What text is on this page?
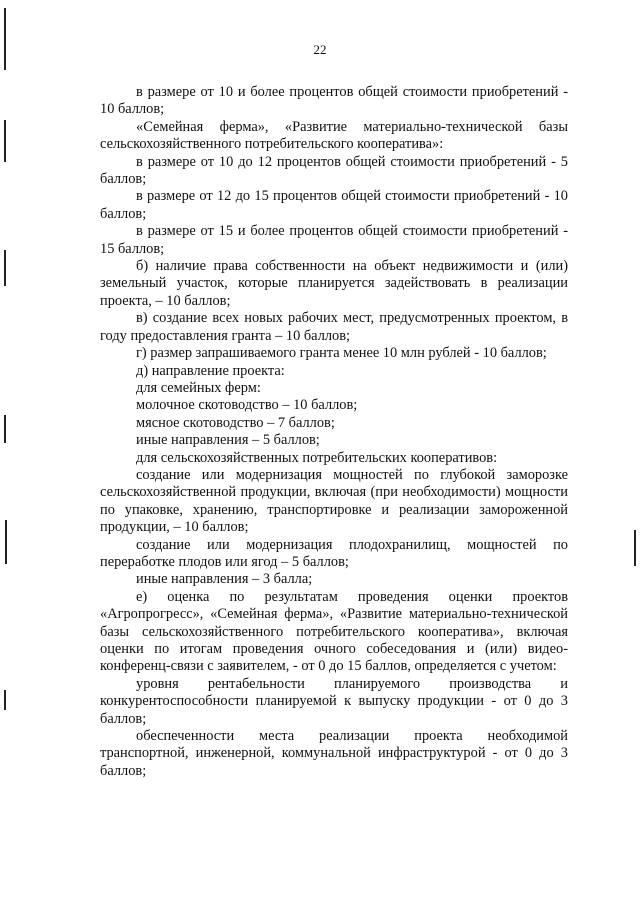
22

в размере от 10 и более процентов общей стоимости приобретений - 10 баллов;

«Семейная ферма», «Развитие материально-технической базы сельскохозяйственного потребительского кооператива»:

в размере от 10 до 12 процентов общей стоимости приобретений - 5 баллов;

в размере от 12 до 15 процентов общей стоимости приобретений - 10 баллов;

в размере от 15 и более процентов общей стоимости приобретений - 15 баллов;

б) наличие права собственности на объект недвижимости и (или) земельный участок, которые планируется задействовать в реализации проекта, – 10 баллов;

в) создание всех новых рабочих мест, предусмотренных проектом, в году предоставления гранта – 10 баллов;

г) размер запрашиваемого гранта менее 10 млн рублей - 10 баллов;

д) направление проекта:

для семейных ферм:

молочное скотоводство – 10 баллов;

мясное скотоводство – 7 баллов;

иные направления – 5 баллов;

для сельскохозяйственных потребительских кооперативов:

создание или модернизация мощностей по глубокой заморозке сельскохозяйственной продукции, включая (при необходимости) мощности по упаковке, хранению, транспортировке и реализации замороженной продукции, – 10 баллов;

создание или модернизация плодохранилищ, мощностей по переработке плодов или ягод – 5 баллов;

иные направления – 3 балла;

е) оценка по результатам проведения оценки проектов «Агропрогресс», «Семейная ферма», «Развитие материально-технической базы сельскохозяйственного потребительского кооператива», включая оценки по итогам проведения очного собеседования и (или) видео-конференц-связи с заявителем, - от 0 до 15 баллов, определяется с учетом:

уровня рентабельности планируемого производства и конкурентоспособности планируемой к выпуску продукции - от 0 до 3 баллов;

обеспеченности места реализации проекта необходимой транспортной, инженерной, коммунальной инфраструктурой - от 0 до 3 баллов;
